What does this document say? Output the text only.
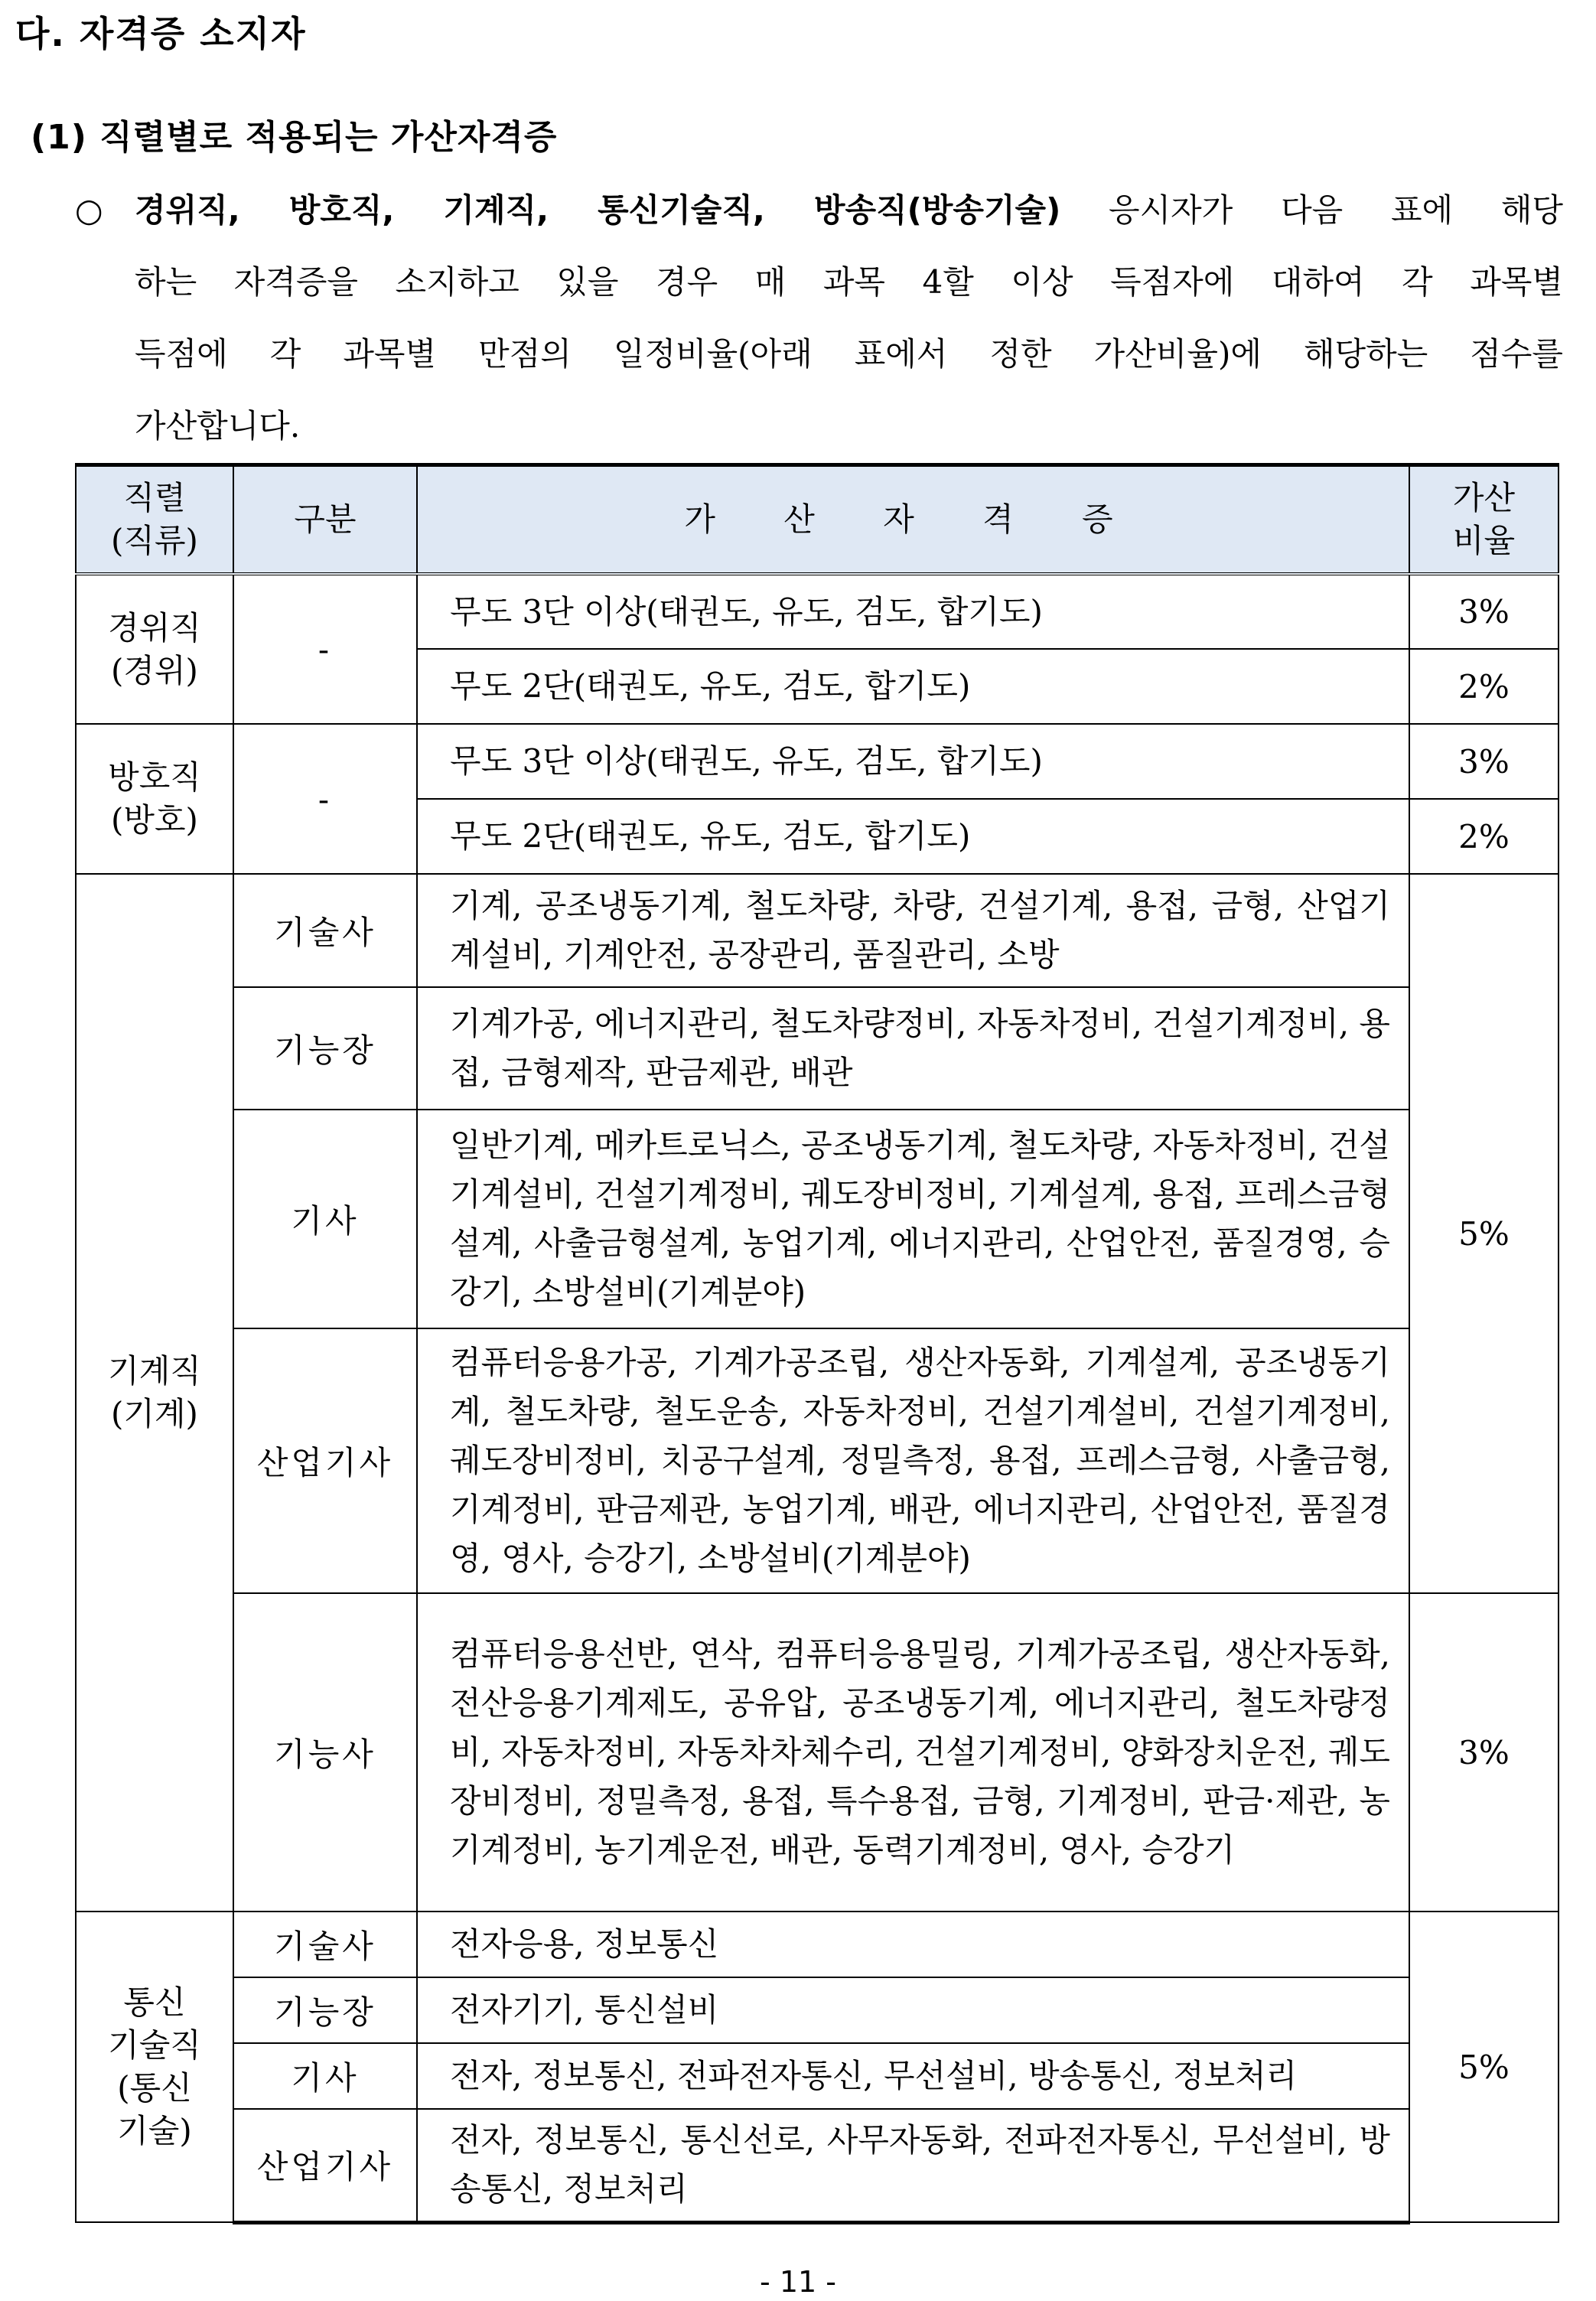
다. 자격증 소지자
(1) 직렬별로 적용되는 가산자격증
○ 경위직, 방호직, 기계직, 통신기술직, 방송직(방송기술) 응시자가 다음 표에 해당
하는 자격증을 소지하고 있을 경우 매 과목 4할 이상 득점자에 대하여 각 과목별
득점에 각 과목별 만점의 일정비율(아래 표에서 정한 가산비율)에 해당하는 점수를
가산합니다.
직렬
(직류)	구분	가 산 자 격 증	가산
비율
경위직
(경위)	-	무도 3단 이상(태권도, 유도, 검도, 합기도)	3%
		무도 2단(태권도, 유도, 검도, 합기도)	2%
방호직
(방호)	-	무도 3단 이상(태권도, 유도, 검도, 합기도)	3%
		무도 2단(태권도, 유도, 검도, 합기도)	2%
기계직
(기계)	기술사	기계, 공조냉동기계, 철도차량, 차량, 건설기계, 용접, 금형, 산업기계설비, 기계안전, 공장관리, 품질관리, 소방	5%
	기능장	기계가공, 에너지관리, 철도차량정비, 자동차정비, 건설기계정비, 용접, 금형제작, 판금제관, 배관	
	기사	일반기계, 메카트로닉스, 공조냉동기계, 철도차량, 자동차정비, 건설기계설비, 건설기계정비, 궤도장비정비, 기계설계, 용접, 프레스금형설계, 사출금형설계, 농업기계, 에너지관리, 산업안전, 품질경영, 승강기, 소방설비(기계분야)	
	산업기사	컴퓨터응용가공, 기계가공조립, 생산자동화, 기계설계, 공조냉동기계, 철도차량, 철도운송, 자동차정비, 건설기계설비, 건설기계정비, 궤도장비정비, 치공구설계, 정밀측정, 용접, 프레스금형, 사출금형, 기계정비, 판금제관, 농업기계, 배관, 에너지관리, 산업안전, 품질경영, 영사, 승강기, 소방설비(기계분야)	
	기능사	컴퓨터응용선반, 연삭, 컴퓨터응용밀링, 기계가공조립, 생산자동화, 전산응용기계제도, 공유압, 공조냉동기계, 에너지관리, 철도차량정비, 자동차정비, 자동차차체수리, 건설기계정비, 양화장치운전, 궤도장비정비, 정밀측정, 용접, 특수용접, 금형, 기계정비, 판금·제관, 농기계정비, 농기계운전, 배관, 동력기계정비, 영사, 승강기	3%
통신
기술직
(통신
기술)	기술사	전자응용, 정보통신	5%
	기능장	전자기기, 통신설비	
	기사	전자, 정보통신, 전파전자통신, 무선설비, 방송통신, 정보처리	
	산업기사	전자, 정보통신, 통신선로, 사무자동화, 전파전자통신, 무선설비, 방송통신, 정보처리	
- 11 -
